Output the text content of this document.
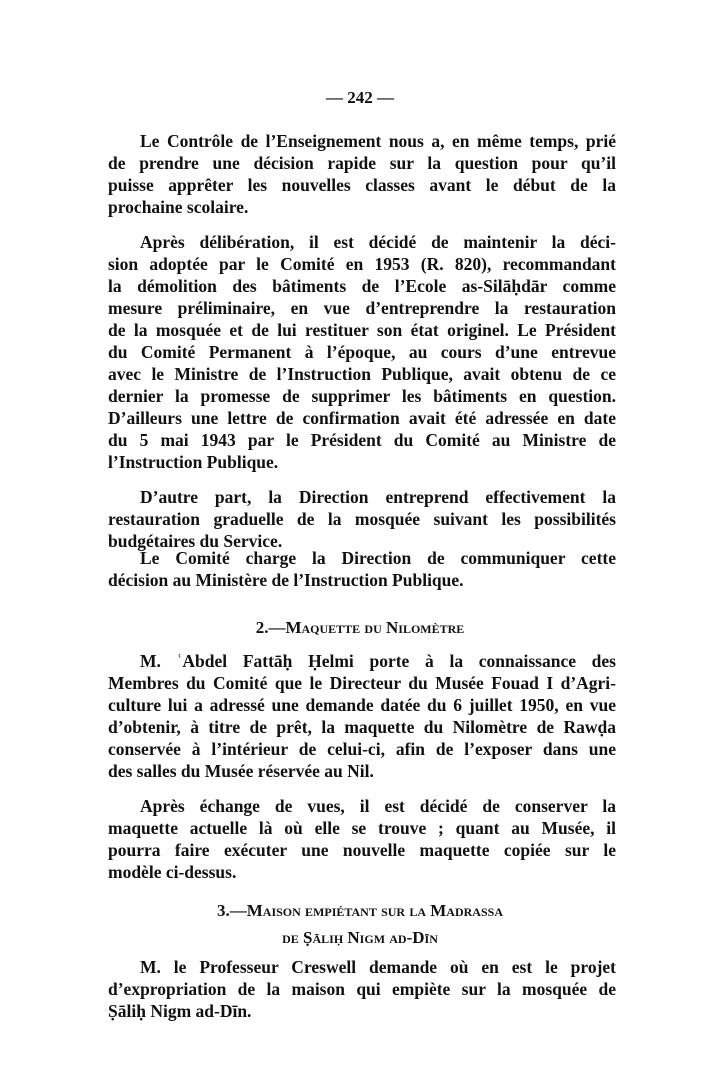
— 242 —
Le Contrôle de l’Enseignement nous a, en même temps, prié
de prendre une décision rapide sur la question pour qu’il
puisse apprêter les nouvelles classes avant le début de la
prochaine scolaire.
Après délibération, il est décidé de maintenir la déci-
sion adoptée par le Comité en 1953 (R. 820), recommandant
la démolition des bâtiments de l’Ecole as-Silāḥdār comme
mesure préliminaire, en vue d’entreprendre la restauration
de la mosquée et de lui restituer son état originel. Le Président
du Comité Permanent à l’époque, au cours d’une entrevue
avec le Ministre de l’Instruction Publique, avait obtenu de ce
dernier la promesse de supprimer les bâtiments en question.
D’ailleurs une lettre de confirmation avait été adressée en date
du 5 mai 1943 par le Président du Comité au Ministre de
l’Instruction Publique.
D’autre part, la Direction entreprend effectivement la
restauration graduelle de la mosquée suivant les possibilités
budgétaires du Service.
Le Comité charge la Direction de communiquer cette
décision au Ministère de l’Instruction Publique.
2.—Maquette du Nilomètre
M. ʿAbdel Fattāḥ Ḥelmi porte à la connaissance des
Membres du Comité que le Directeur du Musée Fouad I d’Agri-
culture lui a adressé une demande datée du 6 juillet 1950, en vue
d’obtenir, à titre de prêt, la maquette du Nilomètre de Rawḍa
conservée à l’intérieur de celui-ci, afin de l’exposer dans une
des salles du Musée réservée au Nil.
Après échange de vues, il est décidé de conserver la
maquette actuelle là où elle se trouve ; quant au Musée, il
pourra faire exécuter une nouvelle maquette copiée sur le
modèle ci-dessus.
3.—Maison empiétant sur la Madrassa
de Ṣāliḥ Nigm ad-Dīn
M. le Professeur Creswell demande où en est le projet
d’expropriation de la maison qui empiète sur la mosquée de
Ṣāliḥ Nigm ad-Dīn.
